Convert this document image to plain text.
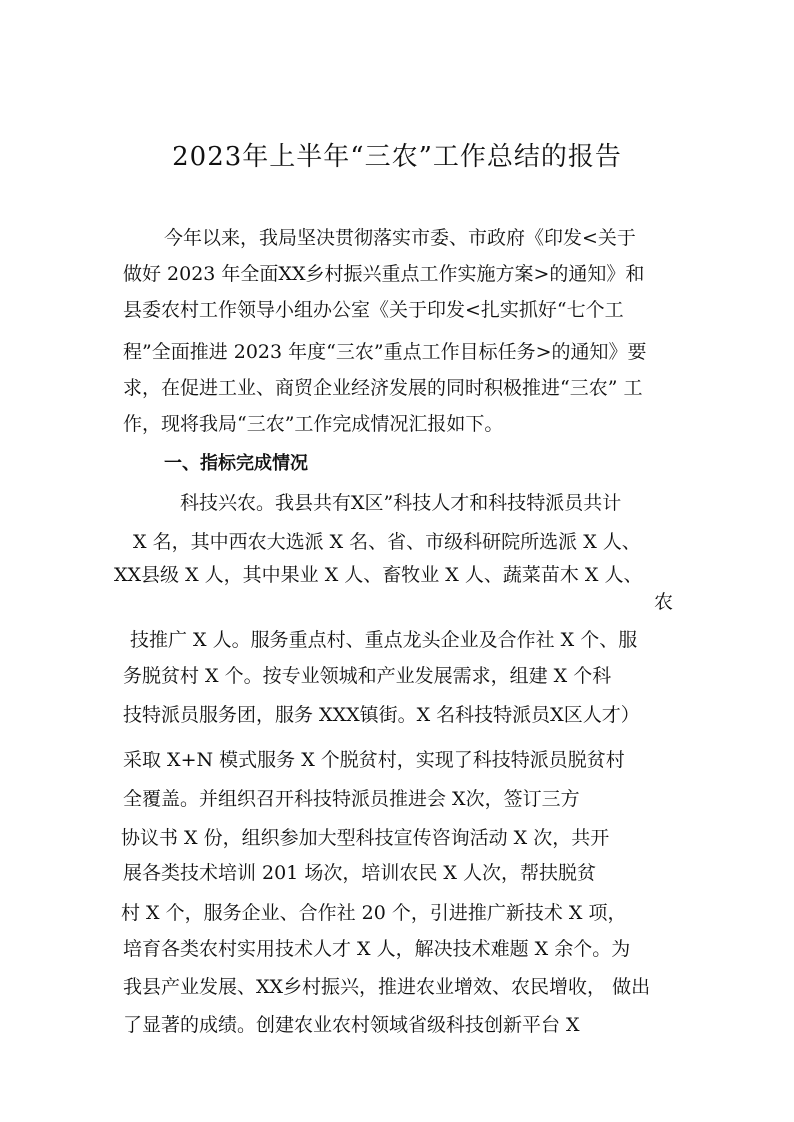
2023年上半年“三农”工作总结的报告
今年以来，我局坚决贯彻落实市委、市政府《印发<关于
做好 2023 年全面XX乡村振兴重点工作实施方案>的通知》和
县委农村工作领导小组办公室《关于印发<扎实抓好“七个工
程”全面推进 2023 年度“三农”重点工作目标任务>的通知》要
求，在促进工业、商贸企业经济发展的同时积极推进“三农” 工
作，现将我局“三农”工作完成情况汇报如下。
一、指标完成情况
科技兴农。我县共有X区”科技人才和科技特派员共计
X 名，其中西农大选派 X 名、省、市级科研院所选派 X 人、
XX县级 X 人，其中果业 X 人、畜牧业 X 人、蔬菜苗木 X 人、
农
技推广 X 人。服务重点村、重点龙头企业及合作社 X 个、服
务脱贫村 X 个。按专业领城和产业发展需求，组建 X 个科
技特派员服务团，服务 XXX镇街。X 名科技特派员X区人才）
采取 X+N 模式服务 X 个脱贫村，实现了科技特派员脱贫村
全覆盖。并组织召开科技特派员推进会 X次，签订三方
协议书 X 份，组织参加大型科技宣传咨询活动 X 次，共开
展各类技术培训 201 场次，培训农民 X 人次，帮扶脱贫
村 X 个，服务企业、合作社 20 个，引进推广新技术 X 项，
培育各类农村实用技术人才 X 人，解决技术难题 X 余个。为
我县产业发展、XX乡村振兴，推进农业增效、农民增收， 做出
了显著的成绩。创建农业农村领域省级科技创新平台 X
